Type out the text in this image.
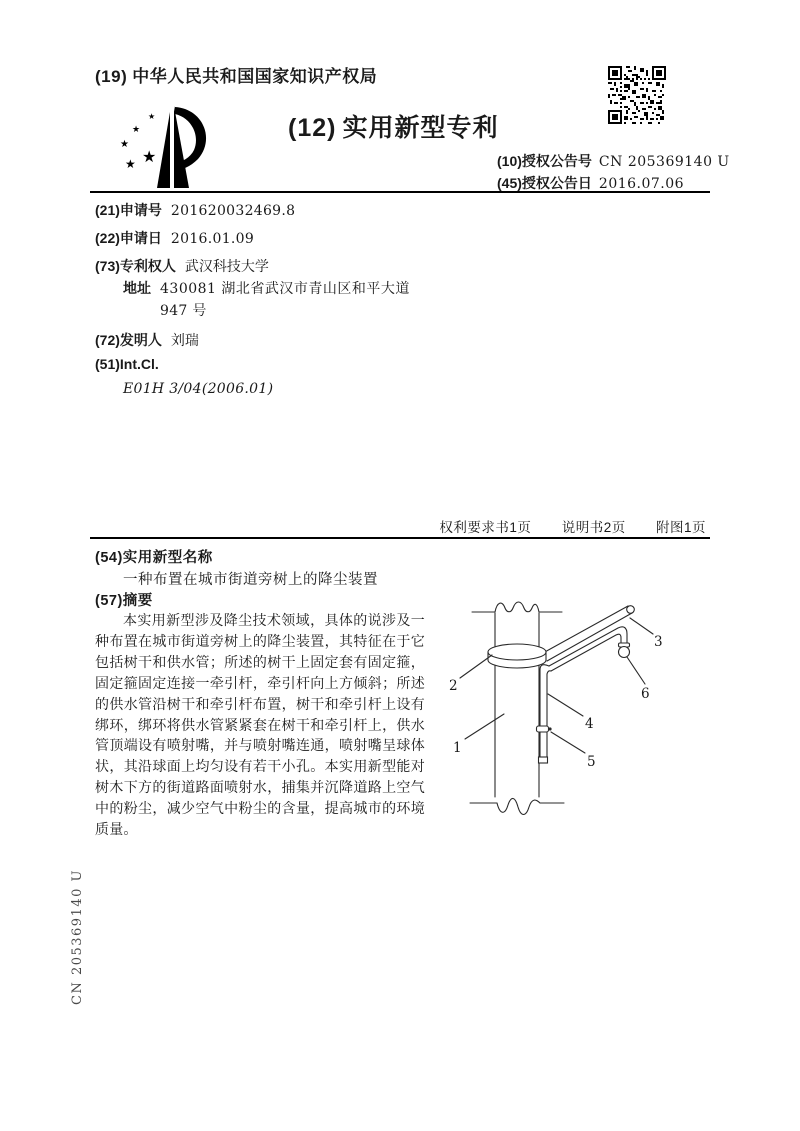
(19) 中华人民共和国国家知识产权局
★
★
★
★
★	(12) 实用新型专利
(10)授权公告号 CN 205369140 U
(45)授权公告日 2016.07.06
(21)申请号 201620032469.8
(22)申请日 2016.01.09
(73)专利权人 武汉科技大学
地址 430081 湖北省武汉市青山区和平大道
947 号
(72)发明人 刘瑞
(51)Int.Cl.
E01H 3/04(2006.01)
权利要求书1页 说明书2页 附图1页
(54)实用新型名称
一种布置在城市街道旁树上的降尘装置
(57)摘要
本实用新型涉及降尘技术领域，具体的说涉及一种布置在城市街道旁树上的降尘装置，其特征在于它包括树干和供水管；所述的树干上固定套有固定箍，固定箍固定连接一牵引杆，牵引杆向上方倾斜；所述的供水管沿树干和牵引杆布置，树干和牵引杆上设有绑环，绑环将供水管紧紧套在树干和牵引杆上，供水管顶端设有喷射嘴，并与喷射嘴连通，喷射嘴呈球体状，其沿球面上均匀设有若干小孔。本实用新型能对树木下方的街道路面喷射水，捕集并沉降道路上空气中的粉尘，减少空气中粉尘的含量，提高城市的环境质量。
1
2
3
4
5
6
CN 205369140 U
